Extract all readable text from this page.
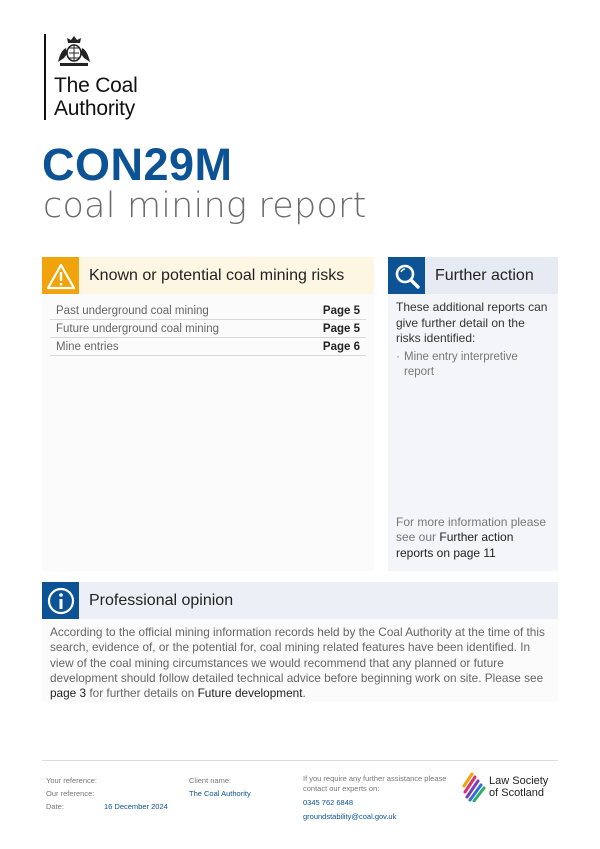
The Coal
Authority
CON29M
coal mining report
Known or potential coal mining risks
Past underground coal mining	Page 5
Future underground coal mining	Page 5
Mine entries	Page 6
Further action
These additional reports can give further detail on the risks identified:
· Mine entry interpretive report
For more information please see our Further action reports on page 11
Professional opinion
According to the official mining information records held by the Coal Authority at the time of this search, evidence of, or the potential for, coal mining related features have been identified. In view of the coal mining circumstances we would recommend that any planned or future development should follow detailed technical advice before beginning work on site. Please see page 3 for further details on Future development.
Your reference:
Our reference:
Date:	16 December 2024
Client name:
The Coal Authority
If you require any further assistance please contact our experts on:
0345 762 6848
groundstability@coal.gov.uk
Law Society
of Scotland
